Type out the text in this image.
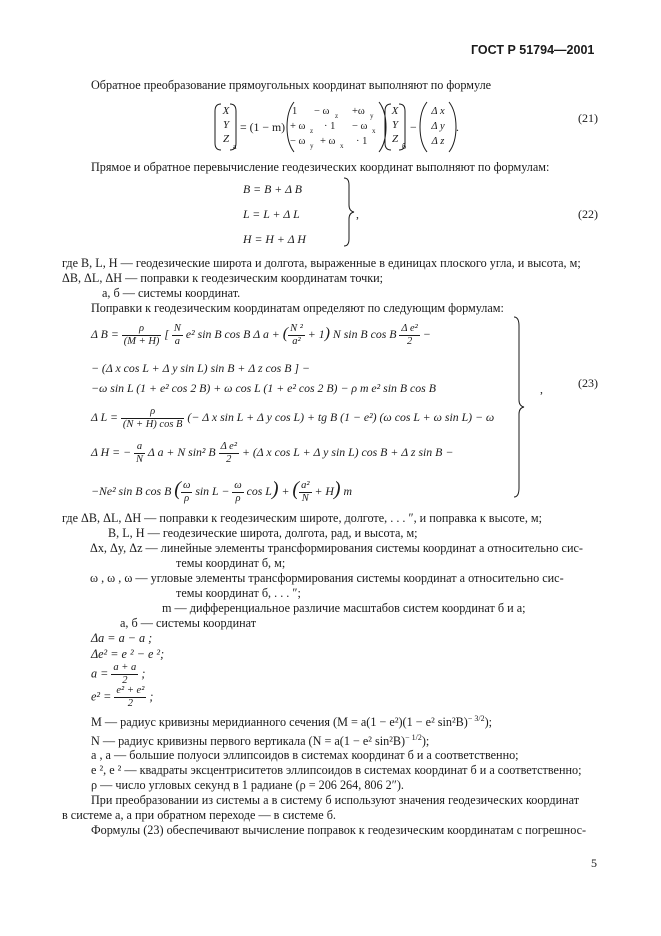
ГОСТ Р 51794—2001
Обратное преобразование прямоугольных координат выполняют по формуле
X
Y
Z
a
= (1 − m)
1 − ω z +ω y
+ ω z · 1 − ω x
− ω y + ω x · 1
X
Y
Z
б
−
Δ x
Δ y
Δ z
.
(21)
Прямое и обратное перевычисление геодезических координат выполняют по формулам:
B = B + Δ B
L = L + Δ L
H = H + Δ H
,	(22)
где B, L, H — геодезические широта и долгота, выраженные в единицах плоского угла, и высота, м;
ΔB, ΔL, ΔH — поправки к геодезическим координатам точки;
а, б — системы координат.
Поправки к геодезическим координатам определяют по следующим формулам:
Δ $B = \frac{\rho}{(M + H)}$ [ $\frac{N}{a} e^2$ sin B cos B Δ a + ( $\frac{\text{N ²}}{\text{a²}} + 1$) N sin B cos B $\frac{\text{Δ e²}}{2}$ −
− (Δ x cos L + Δ y sin L) sin B + Δ z cos B ] −
−ω sin L (1 + e² cos 2 B) + ω cos L (1 + e² cos 2 B) − ρ m e² sin B cos B
Δ $L = \frac{\rho}{\text{(N + H) cos B}}$ (− Δ x sin L + Δ y cos L) + tg B (1 − e²) (ω cos L + ω sin L) − ω
Δ H = − $\frac{a}{N}$ Δ a + N sin² B $\frac{\text{Δ e²}}{2} + (\Delta$ x cos L + Δ y sin L) cos B + Δ z sin B −
−Ne² sin B cos B ( $\frac{\omega}{\rho}$ $\sin L - \frac{\omega}{\rho}$ cos L) + ( $\frac{\text{a²}}{N} + H$) m
,	(23)
где ΔB, ΔL, ΔH — поправки к геодезическим широте, долготе, . . . ″, и поправка к высоте, м;
B, L, H — геодезические широта, долгота, рад, и высота, м;
Δx, Δy, Δz — линейные элементы трансформирования системы координат а относительно сис-
темы координат б, м;
ω , ω , ω — угловые элементы трансформирования системы координат а относительно сис-
темы координат б, . . . ″;
m — дифференциальное различие масштабов систем координат б и а;
а, б — системы координат
Δa = a − a ;
Δe² = e ² − e ²;
$a = \frac{a + a}{2}$ ;
$e^2 = \frac{\text{e² + e²}}{2}$ ;
M — радиус кривизны меридианного сечения (M = a(1 − e²)(1 − e² sin²B)$^{- 3/2}$);
N — радиус кривизны первого вертикала (N = a(1 − e² sin²B)$^{- 1/2}$);
a , a — большие полуоси эллипсоидов в системах координат б и а соответственно;
e ², e ² — квадраты эксцентриситетов эллипсоидов в системах координат б и а соответственно;
ρ — число угловых секунд в 1 радиане (ρ = 206 264, 806 2″).
При преобразовании из системы а в систему б используют значения геодезических координат
в системе а, а при обратном переходе — в системе б.
Формулы (23) обеспечивают вычисление поправок к геодезическим координатам с погрешнос-
5
